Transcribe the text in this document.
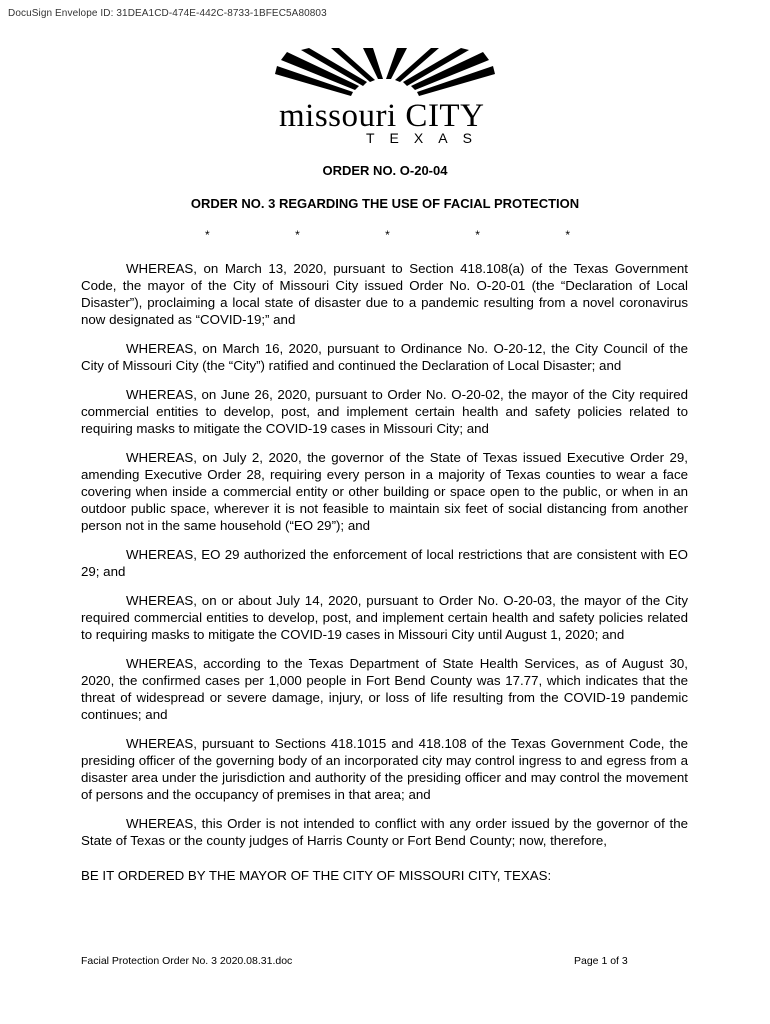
DocuSign Envelope ID: 31DEA1CD-474E-442C-8733-1BFEC5A80803
missouri CITY
TEXAS
ORDER NO. O-20-04
ORDER NO. 3 REGARDING THE USE OF FACIAL PROTECTION
*	*	*	*	*

WHEREAS, on March 13, 2020, pursuant to Section 418.108(a) of the Texas Government Code, the mayor of the City of Missouri City issued Order No. O-20-01 (the “Declaration of Local Disaster”), proclaiming a local state of disaster due to a pandemic resulting from a novel coronavirus now designated as “COVID-19;” and

WHEREAS, on March 16, 2020, pursuant to Ordinance No. O-20-12, the City Council of the City of Missouri City (the “City”) ratified and continued the Declaration of Local Disaster; and

WHEREAS, on June 26, 2020, pursuant to Order No. O-20-02, the mayor of the City required commercial entities to develop, post, and implement certain health and safety policies related to requiring masks to mitigate the COVID-19 cases in Missouri City; and

WHEREAS, on July 2, 2020, the governor of the State of Texas issued Executive Order 29, amending Executive Order 28, requiring every person in a majority of Texas counties to wear a face covering when inside a commercial entity or other building or space open to the public, or when in an outdoor public space, wherever it is not feasible to maintain six feet of social distancing from another person not in the same household (“EO 29”); and

WHEREAS, EO 29 authorized the enforcement of local restrictions that are consistent with EO 29; and

WHEREAS, on or about July 14, 2020, pursuant to Order No. O-20-03, the mayor of the City required commercial entities to develop, post, and implement certain health and safety policies related to requiring masks to mitigate the COVID-19 cases in Missouri City until August 1, 2020; and

WHEREAS, according to the Texas Department of State Health Services, as of August 30, 2020, the confirmed cases per 1,000 people in Fort Bend County was 17.77, which indicates that the threat of widespread or severe damage, injury, or loss of life resulting from the COVID-19 pandemic continues; and

WHEREAS, pursuant to Sections 418.1015 and 418.108 of the Texas Government Code, the presiding officer of the governing body of an incorporated city may control ingress to and egress from a disaster area under the jurisdiction and authority of the presiding officer and may control the movement of persons and the occupancy of premises in that area; and

WHEREAS, this Order is not intended to conflict with any order issued by the governor of the State of Texas or the county judges of Harris County or Fort Bend County; now, therefore,

BE IT ORDERED BY THE MAYOR OF THE CITY OF MISSOURI CITY, TEXAS:

Facial Protection Order No. 3 2020.08.31.doc	Page 1 of 3
